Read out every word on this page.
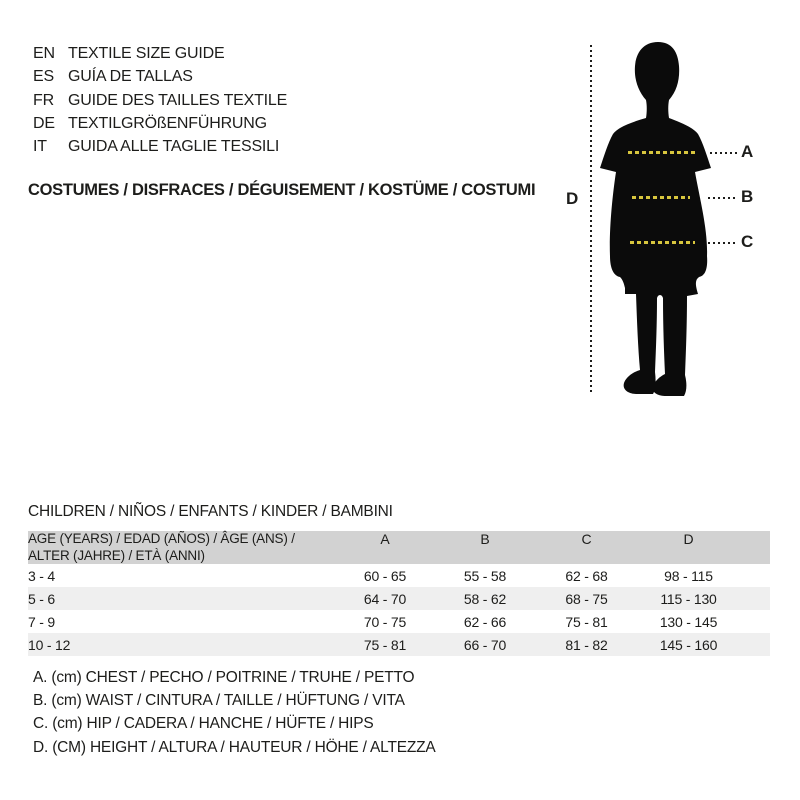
EN TEXTILE SIZE GUIDE
ES GUÍA DE TALLAS
FR GUIDE DES TAILLES TEXTILE
DE TEXTILGRÖßENFÜHRUNG
IT	GUIDA ALLE TAGLIE TESSILI
COSTUMES / DISFRACES / DÉGUISEMENT / KOSTÜME / COSTUMI D
A
B
C
CHILDREN / NIÑOS / ENFANTS / KINDER / BAMBINI
AGE (YEARS) / EDAD (AÑOS) / ÂGE (ANS) /
ALTER (JAHRE) / ETÀ (ANNI)	A	B	C	D	
3 - 4	60 - 65	55 - 58	62 - 68	98 - 115	
5 - 6	64 - 70	58 - 62	68 - 75	115 - 130	
7 - 9	70 - 75	62 - 66	75 - 81	130 - 145	
10 - 12	75 - 81	66 - 70	81 - 82	145 - 160	

A. (cm) CHEST / PECHO / POITRINE / TRUHE / PETTO

B. (cm) WAIST / CINTURA / TAILLE / HÜFTUNG / VITA

C. (cm) HIP / CADERA / HANCHE / HÜFTE / HIPS

D. (CM) HEIGHT / ALTURA / HAUTEUR / HÖHE / ALTEZZA
